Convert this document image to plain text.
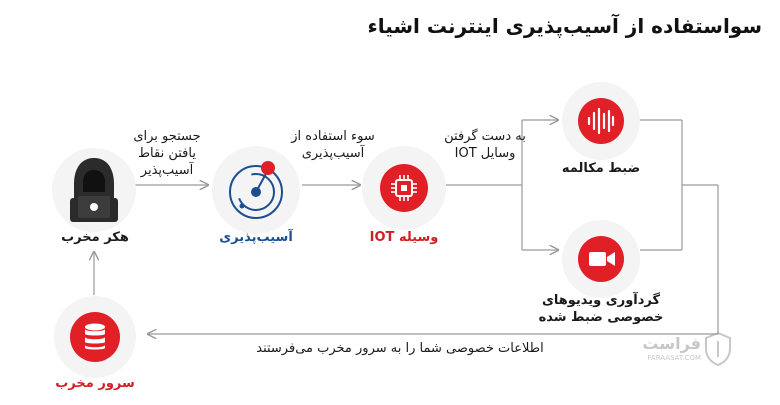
سواستفاده از آسیب‌پذیری اینترنت اشیاء
هکر مخرب
جستجو برای
یافتن نقاط
آسیب‌پذیر
آسیب‌پذیری
سوء استفاده از
آسیب‌پذیری
وسیله IOT
به دست گرفتن
وسایل IOT
ضبط مکالمه
گردآوری ویدیوهای
خصوصی ضبط شده
اطلاعات خصوصی شما را به سرور مخرب می‌فرستند
سرور مخرب
فراست
FARAASAT.COM
